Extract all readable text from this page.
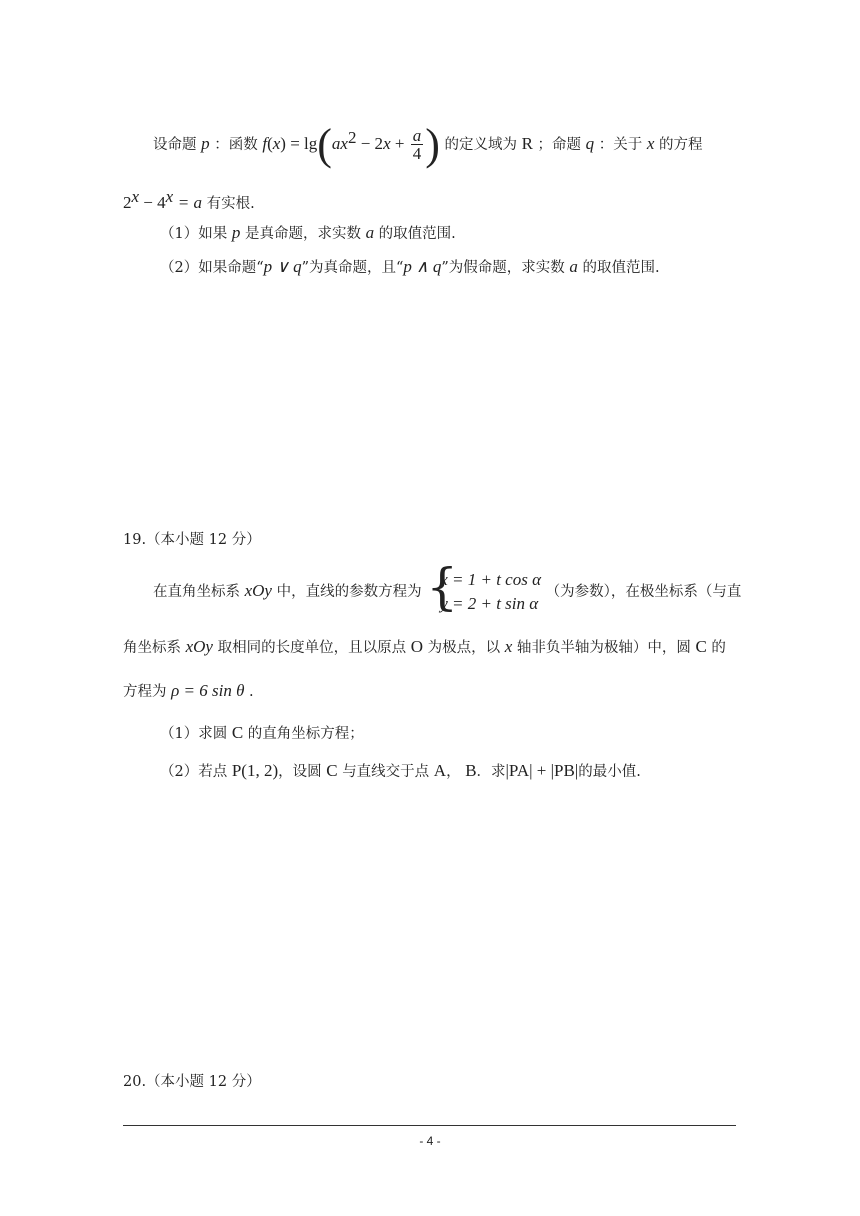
设命题 p ：函数 $f(x) = \lg(ax^2 - 2x + \frac{a}{4}$ ) 的定义域为 R ；命题 q ：关于 x 的方程
$2^x - 4^x = a$ 有实根.
（1）如果 p 是真命题，求实数 a 的取值范围.
（2）如果命题“p ∨ q”为真命题，且“p ∧ q”为假命题，求实数 a 的取值范围.
19.（本小题 12 分）
在直角坐标系 xOy 中，直线的参数方程为 {
x = 1 + t cos α
y = 2 + t sin α
（为参数），在极坐标系（与直
角坐标系 xOy 取相同的长度单位，且以原点 O 为极点，以 x 轴非负半轴为极轴）中，圆 C 的
方程为 ρ = 6 sin θ .
（1）求圆 C 的直角坐标方程；
（2）若点 P(1, 2)，设圆 C 与直线交于点 A， B．求|PA| + |PB|的最小值.
20.（本小题 12 分）
- 4 -
